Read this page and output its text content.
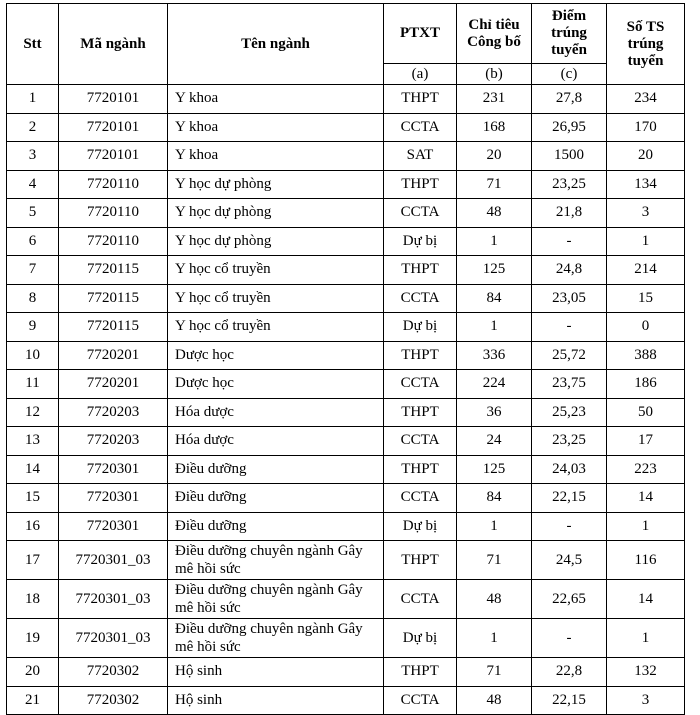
Stt	Mã ngành	Tên ngành	PTXT	Chỉ tiêu Công bố	Điểm trúng tuyển	Số TS trúng tuyển
			(a)	(b)	(c)	
1	7720101	Y khoa	THPT	231	27,8	234
2	7720101	Y khoa	CCTA	168	26,95	170
3	7720101	Y khoa	SAT	20	1500	20
4	7720110	Y học dự phòng	THPT	71	23,25	134
5	7720110	Y học dự phòng	CCTA	48	21,8	3
6	7720110	Y học dự phòng	Dự bị	1	-	1
7	7720115	Y học cổ truyền	THPT	125	24,8	214
8	7720115	Y học cổ truyền	CCTA	84	23,05	15
9	7720115	Y học cổ truyền	Dự bị	1	-	0
10	7720201	Dược học	THPT	336	25,72	388
11	7720201	Dược học	CCTA	224	23,75	186
12	7720203	Hóa dược	THPT	36	25,23	50
13	7720203	Hóa dược	CCTA	24	23,25	17
14	7720301	Điều dưỡng	THPT	125	24,03	223
15	7720301	Điều dưỡng	CCTA	84	22,15	14
16	7720301	Điều dưỡng	Dự bị	1	-	1
17	7720301_03	Điều dưỡng chuyên ngành Gây mê hồi sức	THPT	71	24,5	116
18	7720301_03	Điều dưỡng chuyên ngành Gây mê hồi sức	CCTA	48	22,65	14
19	7720301_03	Điều dưỡng chuyên ngành Gây mê hồi sức	Dự bị	1	-	1
20	7720302	Hộ sinh	THPT	71	22,8	132
21	7720302	Hộ sinh	CCTA	48	22,15	3
